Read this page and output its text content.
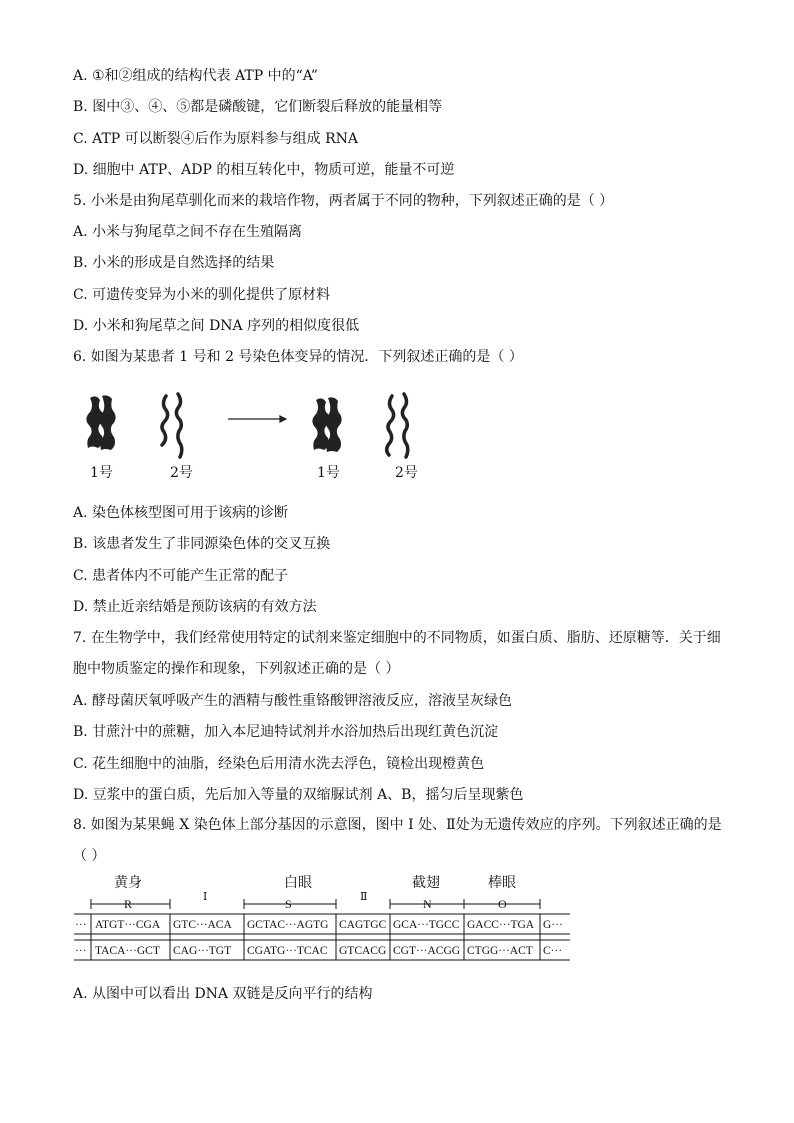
A. ①和②组成的结构代表 ATP 中的“A”
B. 图中③、④、⑤都是磷酸键，它们断裂后释放的能量相等
C. ATP 可以断裂④后作为原料参与组成 RNA
D. 细胞中 ATP、ADP 的相互转化中，物质可逆，能量不可逆
5. 小米是由狗尾草驯化而来的栽培作物，两者属于不同的物种，下列叙述正确的是（ ）
A. 小米与狗尾草之间不存在生殖隔离
B. 小米的形成是自然选择的结果
C. 可遗传变异为小米的驯化提供了原材料
D. 小米和狗尾草之间 DNA 序列的相似度很低
6. 如图为某患者 1 号和 2 号染色体变异的情况．下列叙述正确的是（ ）
1号	2号	1号	2号
A. 染色体核型图可用于该病的诊断
B. 该患者发生了非同源染色体的交叉互换
C. 患者体内不可能产生正常的配子
D. 禁止近亲结婚是预防该病的有效方法
7. 在生物学中，我们经常使用特定的试剂来鉴定细胞中的不同物质，如蛋白质、脂肪、还原糖等．关于细胞中物质鉴定的操作和现象，下列叙述正确的是（ ）
A. 酵母菌厌氧呼吸产生的酒精与酸性重铬酸钾溶液反应，溶液呈灰绿色
B. 甘蔗汁中的蔗糖，加入本尼迪特试剂并水浴加热后出现红黄色沉淀
C. 花生细胞中的油脂，经染色后用清水洗去浮色，镜检出现橙黄色
D. 豆浆中的蛋白质，先后加入等量的双缩脲试剂 A、B，摇匀后呈现紫色
8. 如图为某果蝇 X 染色体上部分基因的示意图，图中 I 处、Ⅱ处为无遗传效应的序列。下列叙述正确的是（ ）
黄身	白眼	截翅	棒眼
I	Ⅱ
R	S	N	O
··· ATGT···CGA GTC···ACA GCTAC···AGTG CAGTGC GCA···TGCC GACC···TGA G···
··· TACA···GCT CAG···TGT CGATG···TCAC GTCACG CGT···ACGG CTGG···ACT C···
A. 从图中可以看出 DNA 双链是反向平行的结构
